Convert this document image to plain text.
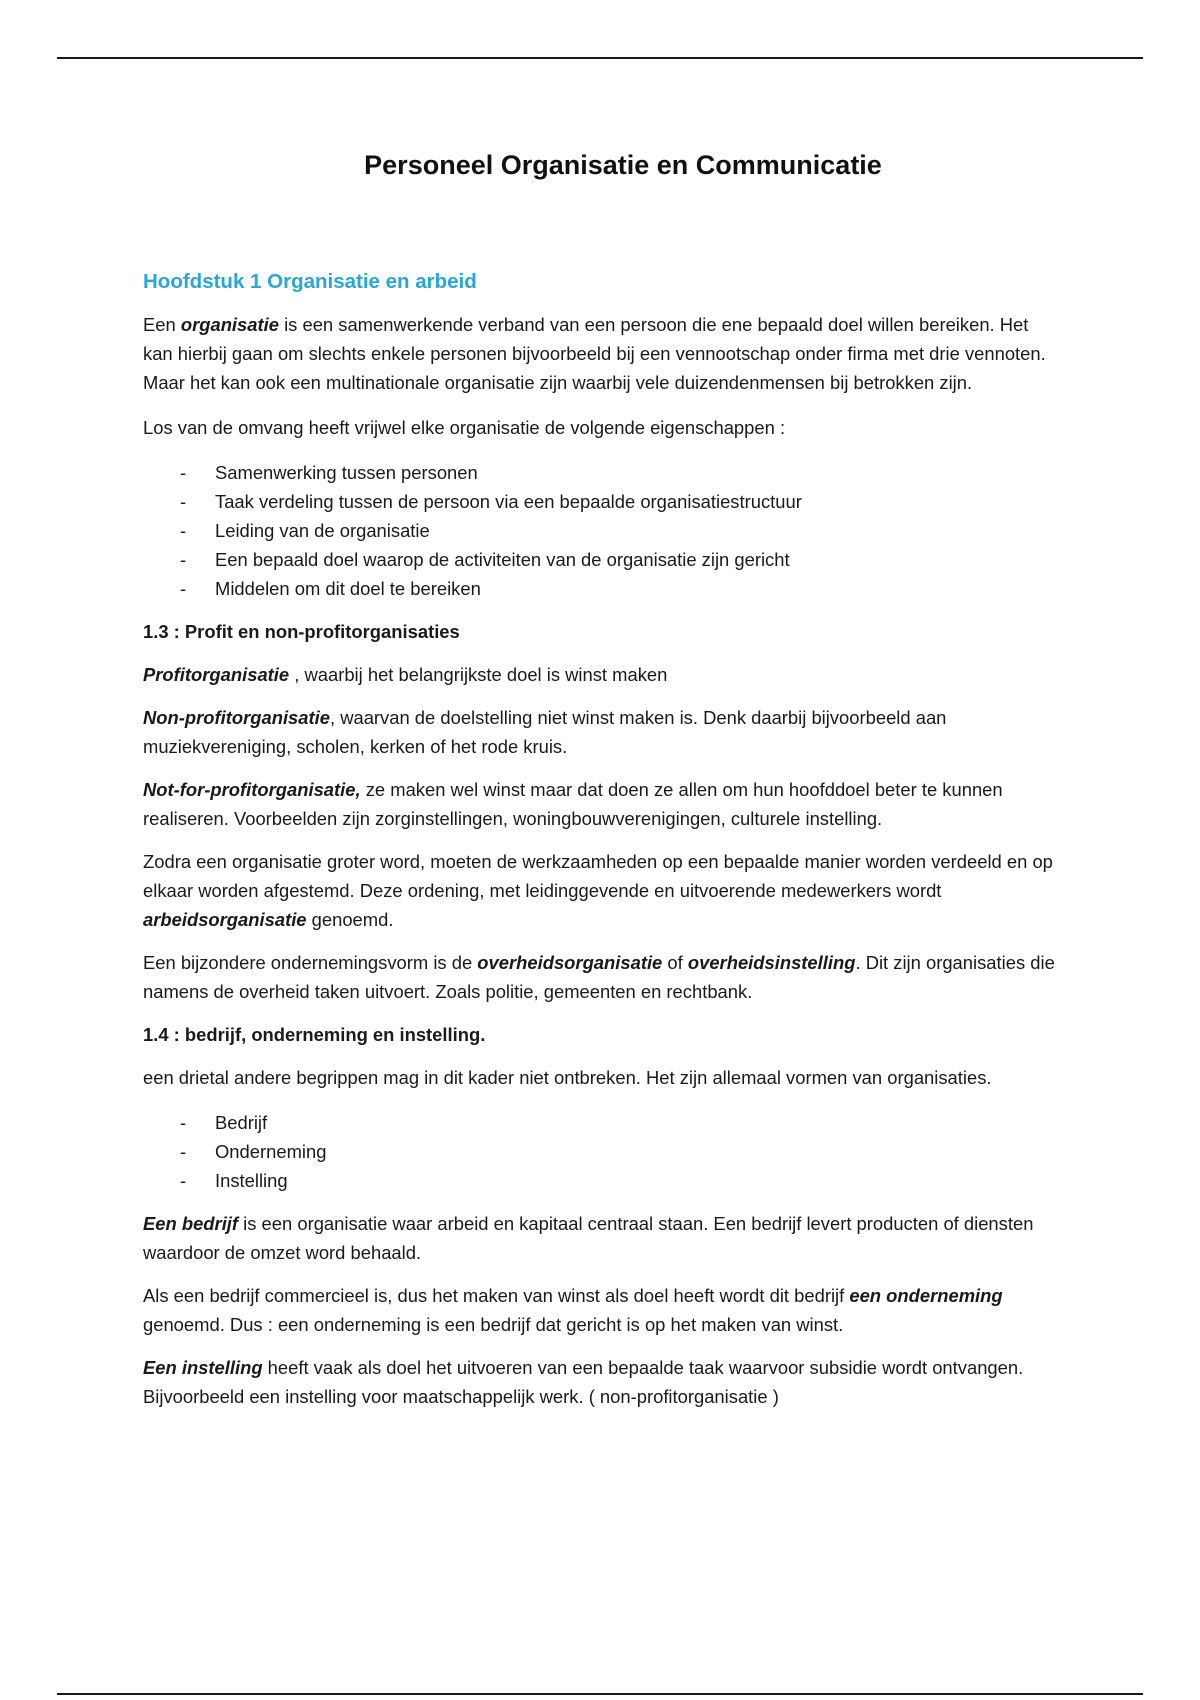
Personeel Organisatie en Communicatie
Hoofdstuk 1 Organisatie en arbeid

Een organisatie is een samenwerkende verband van een persoon die ene bepaald doel willen bereiken. Het kan hierbij gaan om slechts enkele personen bijvoorbeeld bij een vennootschap onder firma met drie vennoten. Maar het kan ook een multinationale organisatie zijn waarbij vele duizendenmensen bij betrokken zijn.

Los van de omvang heeft vrijwel elke organisatie de volgende eigenschappen :

- Samenwerking tussen personen
- Taak verdeling tussen de persoon via een bepaalde organisatiestructuur
- Leiding van de organisatie
- Een bepaald doel waarop de activiteiten van de organisatie zijn gericht
- Middelen om dit doel te bereiken
1.3 : Profit en non-profitorganisaties

Profitorganisatie , waarbij het belangrijkste doel is winst maken

Non-profitorganisatie, waarvan de doelstelling niet winst maken is. Denk daarbij bijvoorbeeld aan muziekvereniging, scholen, kerken of het rode kruis.

Not-for-profitorganisatie, ze maken wel winst maar dat doen ze allen om hun hoofddoel beter te kunnen realiseren. Voorbeelden zijn zorginstellingen, woningbouwverenigingen, culturele instelling.

Zodra een organisatie groter word, moeten de werkzaamheden op een bepaalde manier worden verdeeld en op elkaar worden afgestemd. Deze ordening, met leidinggevende en uitvoerende medewerkers wordt arbeidsorganisatie genoemd.

Een bijzondere ondernemingsvorm is de overheidsorganisatie of overheidsinstelling. Dit zijn organisaties die namens de overheid taken uitvoert. Zoals politie, gemeenten en rechtbank.

1.4 : bedrijf, onderneming en instelling.

een drietal andere begrippen mag in dit kader niet ontbreken. Het zijn allemaal vormen van organisaties.

- Bedrijf
- Onderneming
- Instelling

Een bedrijf is een organisatie waar arbeid en kapitaal centraal staan. Een bedrijf levert producten of diensten waardoor de omzet word behaald.

Als een bedrijf commercieel is, dus het maken van winst als doel heeft wordt dit bedrijf een onderneming genoemd. Dus : een onderneming is een bedrijf dat gericht is op het maken van winst.

Een instelling heeft vaak als doel het uitvoeren van een bepaalde taak waarvoor subsidie wordt ontvangen. Bijvoorbeeld een instelling voor maatschappelijk werk. ( non-profitorganisatie )
